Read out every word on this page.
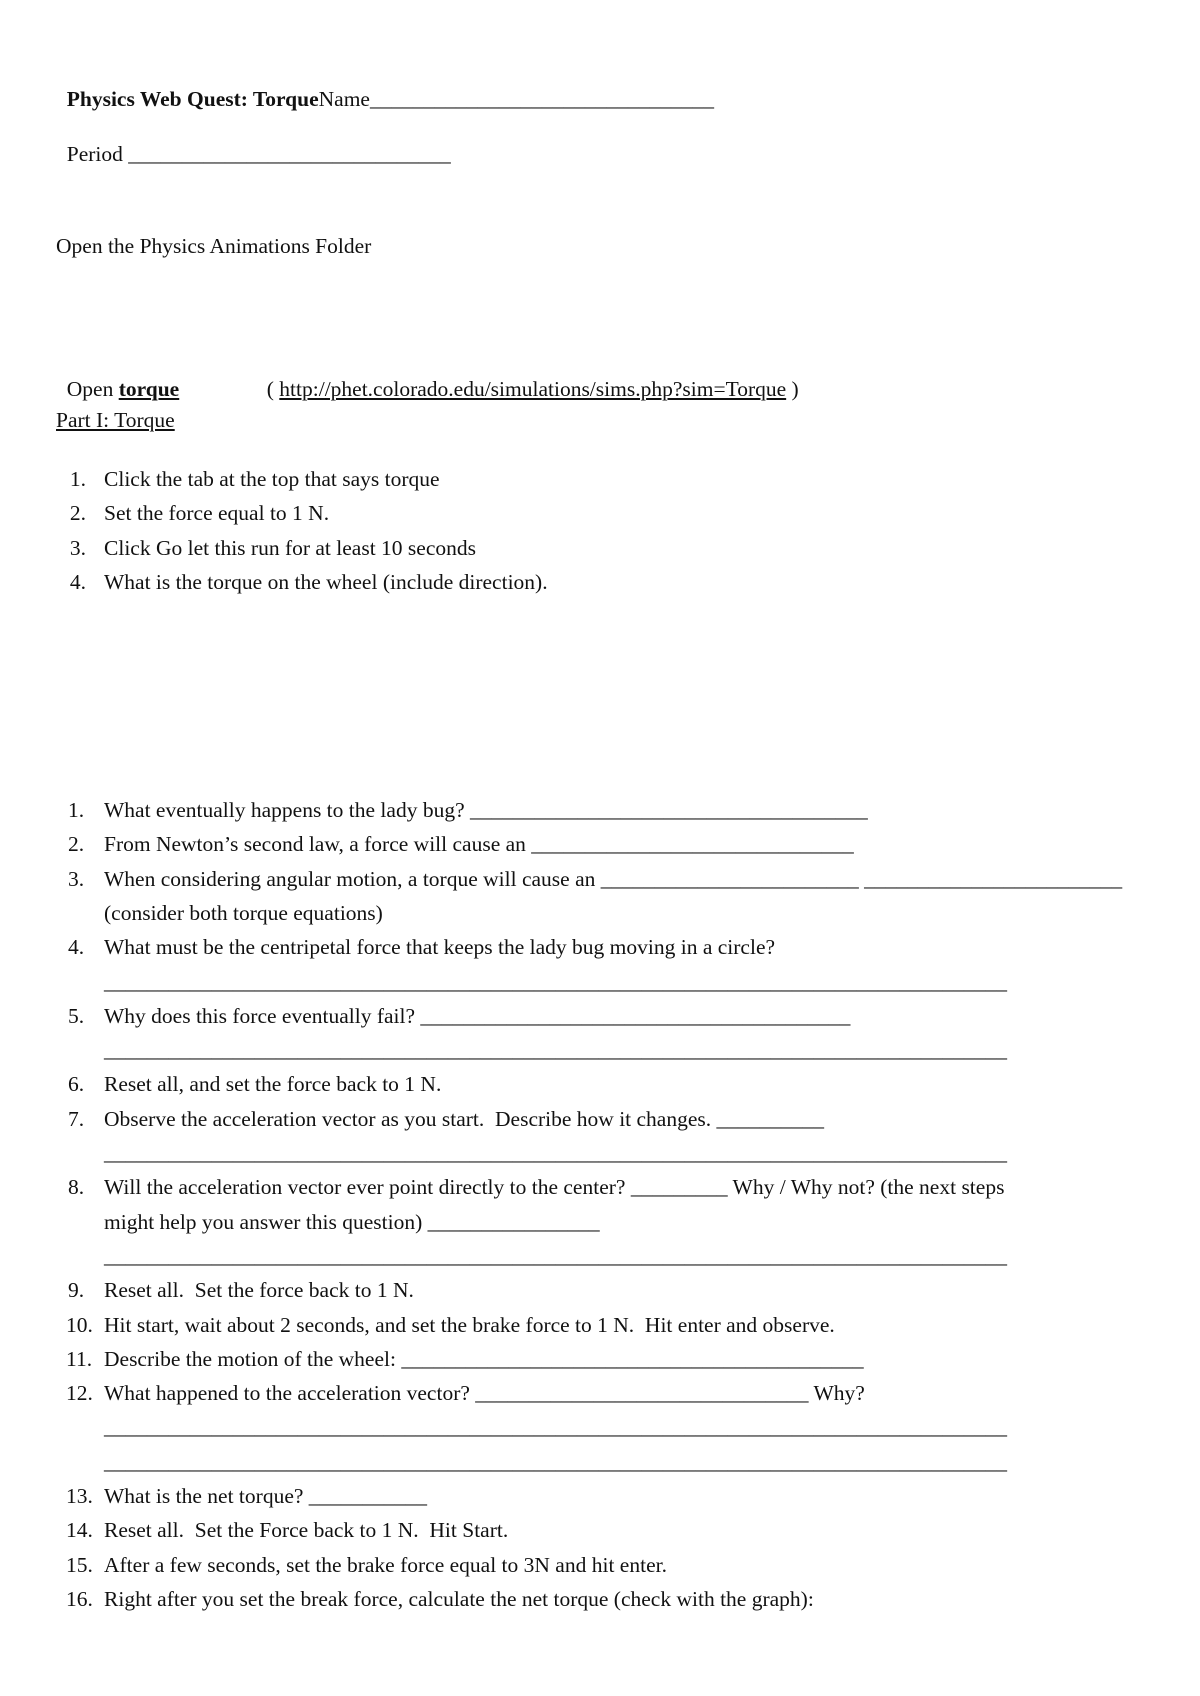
Physics Web Quest: TorqueName________________________________

Period ______________________________

Open the Physics Animations Folder

Open torque	( http://phet.colorado.edu/simulations/sims.php?sim=Torque )

Part I: Torque
1. Click the tab at the top that says torque
2. Set the force equal to 1 N.
3. Click Go let this run for at least 10 seconds
4. What is the torque on the wheel (include direction).
1. What eventually happens to the lady bug? _____________________________________
2. From Newton’s second law, a force will cause an ______________________________
3. When considering angular motion, a torque will cause an ________________________ ________________________
(consider both torque equations)
4. What must be the centripetal force that keeps the lady bug moving in a circle?
____________________________________________________________________________________
5. Why does this force eventually fail? ________________________________________
____________________________________________________________________________________
6. Reset all, and set the force back to 1 N.
7. Observe the acceleration vector as you start.  Describe how it changes. __________
____________________________________________________________________________________
8. Will the acceleration vector ever point directly to the center? _________ Why / Why not? (the next steps
might help you answer this question) ________________
____________________________________________________________________________________
9. Reset all.  Set the force back to 1 N.
10. Hit start, wait about 2 seconds, and set the brake force to 1 N.  Hit enter and observe.
11. Describe the motion of the wheel: ___________________________________________
12. What happened to the acceleration vector? _______________________________ Why?
____________________________________________________________________________________
____________________________________________________________________________________
13. What is the net torque? ___________
14. Reset all.  Set the Force back to 1 N.  Hit Start.
15. After a few seconds, set the brake force equal to 3N and hit enter.
16. Right after you set the break force, calculate the net torque (check with the graph):
